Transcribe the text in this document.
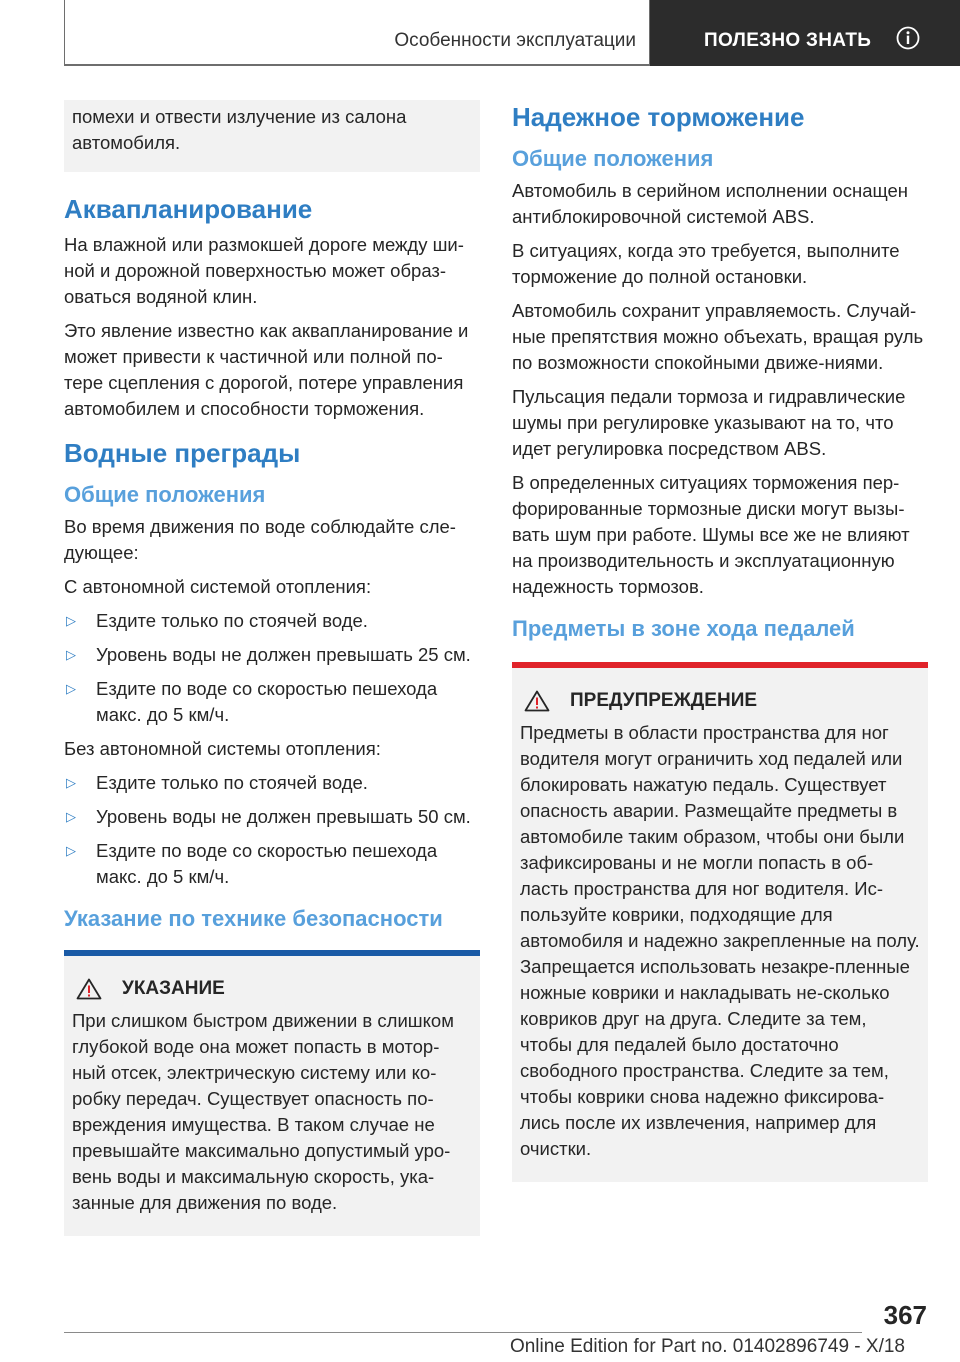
Особенности эксплуатации	ПОЛЕЗНО ЗНАТЬ

помехи и отвести излучение из салона автомобиля.

Аквапланирование

На влажной или размокшей дороге между ши-ной и дорожной поверхностью может образ-оваться водяной клин.

Это явление известно как аквапланирование и может привести к частичной или полной по-тере сцепления с дорогой, потере управления автомобилем и способности торможения.

Водные преграды
Общие положения

Во время движения по воде соблюдайте сле-дующее:

С автономной системой отопления:

▷	Ездите только по стоячей воде.
▷	Уровень воды не должен превышать 25 см.
▷	Ездите по воде со скоростью пешехода макс. до 5 км/ч.

Без автономной системы отопления:

▷	Ездите только по стоячей воде.
▷	Уровень воды не должен превышать 50 см.
▷	Ездите по воде со скоростью пешехода макс. до 5 км/ч.
Указание по технике безопасности
УКАЗАНИЕ

При слишком быстром движении в слишком глубокой воде она может попасть в мотор-ный отсек, электрическую систему или ко-робку передач. Существует опасность по-вреждения имущества. В таком случае не превышайте максимально допустимый уро-вень воды и максимальную скорость, ука-занные для движения по воде.

Надежное торможение
Общие положения

Автомобиль в серийном исполнении оснащен антиблокировочной системой ABS.

В ситуациях, когда это требуется, выполните торможение до полной остановки.

Автомобиль сохранит управляемость. Случай-ные препятствия можно объехать, вращая руль по возможности спокойными движе-ниями.

Пульсация педали тормоза и гидравлические шумы при регулировке указывают на то, что идет регулировка посредством ABS.

В определенных ситуациях торможения пер-форированные тормозные диски могут вызы-вать шум при работе. Шумы все же не влияют на производительность и эксплуатационную надежность тормозов.

Предметы в зоне хода педалей
ПРЕДУПРЕЖДЕНИЕ

Предметы в области пространства для ног водителя могут ограничить ход педалей или блокировать нажатую педаль. Существует опасность аварии. Размещайте предметы в автомобиле таким образом, чтобы они были зафиксированы и не могли попасть в об-ласть пространства для ног водителя. Ис-пользуйте коврики, подходящие для автомобиля и надежно закрепленные на полу. Запрещается использовать незакре-пленные ножные коврики и накладывать не-сколько ковриков друг на друга. Следите за тем, чтобы для педалей было достаточно свободного пространства. Следите за тем, чтобы коврики снова надежно фиксирова-лись после их извлечения, например для очистки.

367
Online Edition for Part no. 01402896749 - X/18
